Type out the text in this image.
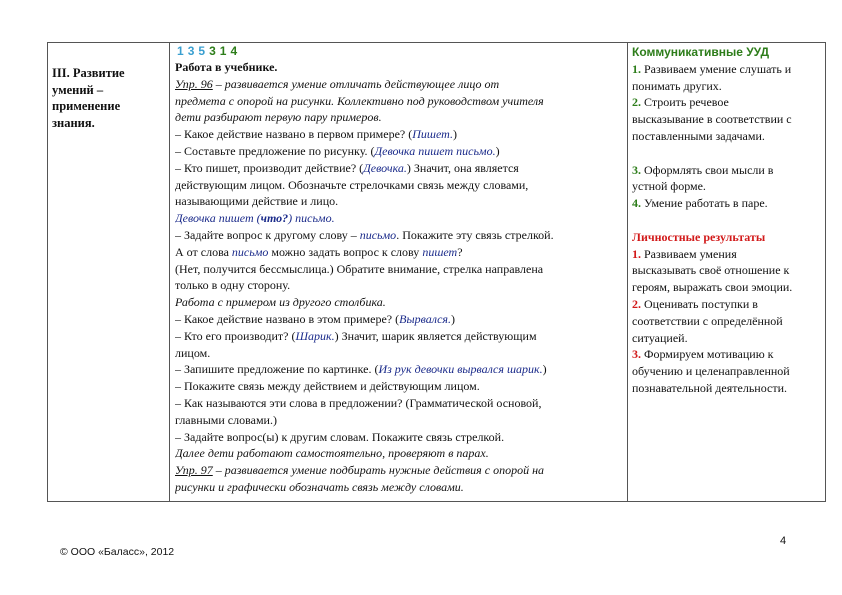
III. Развитие
умений –
применение
знания.
1 3 5 3 1 4
Работа в учебнике.
Упр. 96 – развивается умение отличать действующее лицо от
предмета с опорой на рисунки. Коллективно под руководством учителя
дети разбирают первую пару примеров.
– Какое действие названо в первом примере? (Пишет.)
– Составьте предложение по рисунку. (Девочка пишет письмо.)
– Кто пишет, производит действие? (Девочка.) Значит, она является
действующим лицом. Обозначьте стрелочками связь между словами,
называющими действие и лицо.
Девочка пишет (что?) письмо.
– Задайте вопрос к другому слову – письмо. Покажите эту связь стрелкой.
А от слова письмо можно задать вопрос к слову пишет?
(Нет, получится бессмыслица.) Обратите внимание, стрелка направлена
только в одну сторону.
Работа с примером из другого столбика.
– Какое действие названо в этом примере? (Вырвался.)
– Кто его производит? (Шарик.) Значит, шарик является действующим
лицом.
– Запишите предложение по картинке. (Из рук девочки вырвался шарик.)
– Покажите связь между действием и действующим лицом.
– Как называются эти слова в предложении? (Грамматической основой,
главными словами.)
– Задайте вопрос(ы) к другим словам. Покажите связь стрелкой.
Далее дети работают самостоятельно, проверяют в парах.
Упр. 97 – развивается умение подбирать нужные действия с опорой на
рисунки и графически обозначать связь между словами.
Коммуникативные УУД
1. Развиваем умение слушать и
понимать других.
2. Строить речевое
высказывание в соответствии с
поставленными задачами.
3. Оформлять свои мысли в
устной форме.
4. Умение работать в паре.
Личностные результаты
1. Развиваем умения
высказывать своё отношение к
героям, выражать свои эмоции.
2. Оценивать поступки в
соответствии с определённой
ситуацией.
3. Формируем мотивацию к
обучению и целенаправленной
познавательной деятельности.
4
© ООО «Баласс», 2012
